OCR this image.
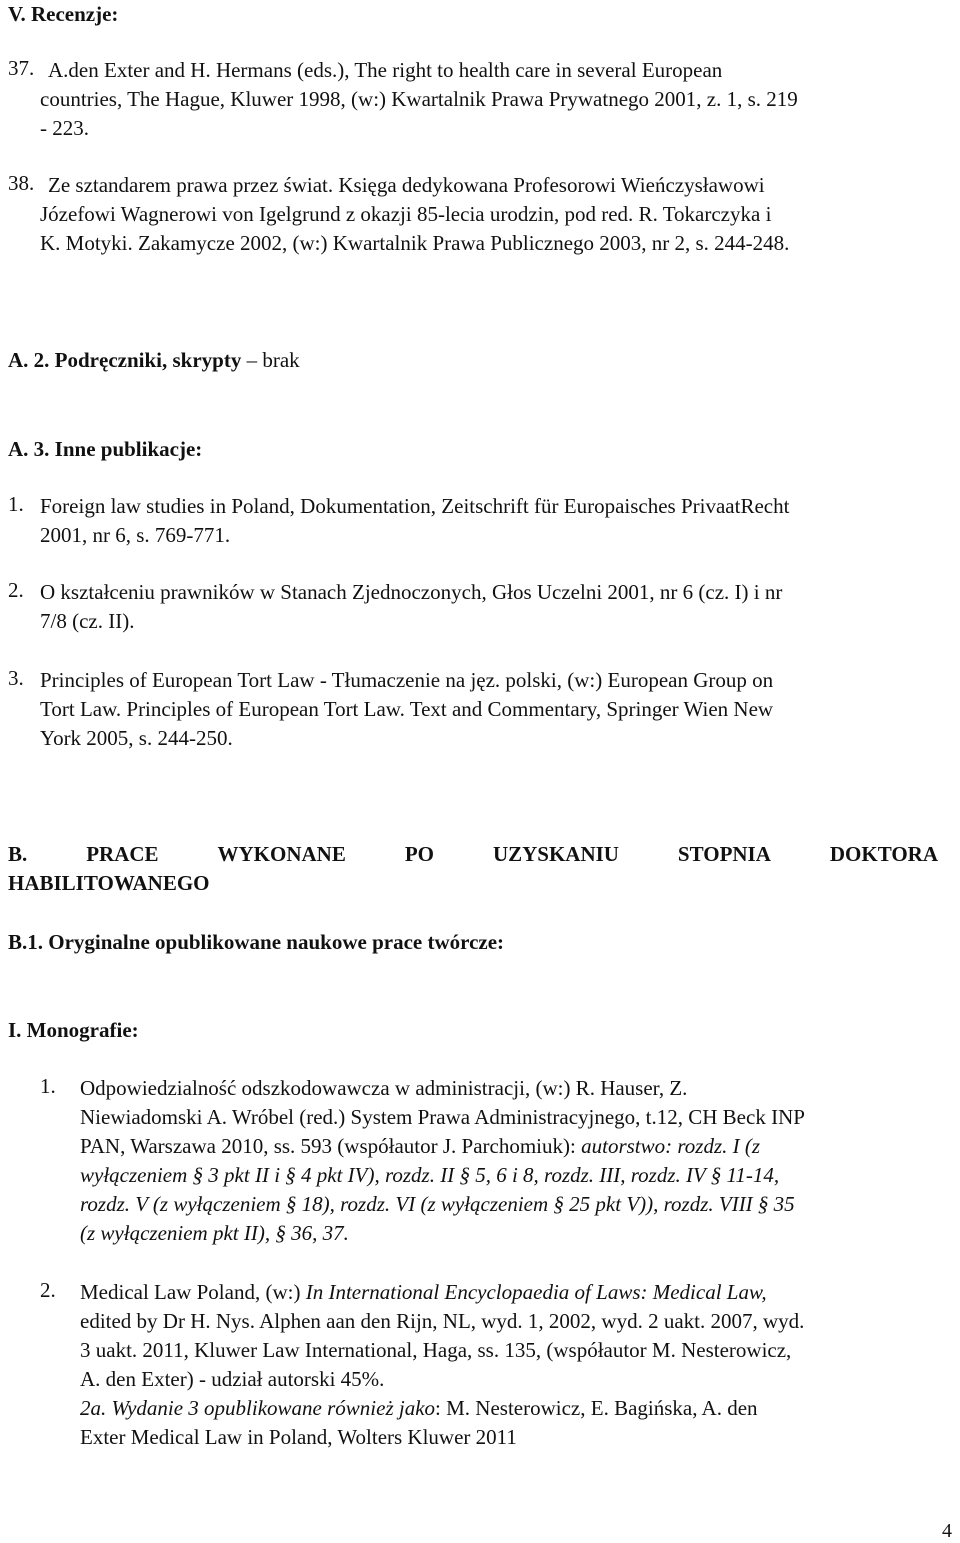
V. Recenzje:
37. A.den Exter and H. Hermans (eds.), The right to health care in several European
countries, The Hague, Kluwer 1998, (w:) Kwartalnik Prawa Prywatnego 2001, z. 1, s. 219
- 223.
38. Ze sztandarem prawa przez świat. Księga dedykowana Profesorowi Wieńczysławowi
Józefowi Wagnerowi von Igelgrund z okazji 85-lecia urodzin, pod red. R. Tokarczyka i
K. Motyki. Zakamycze 2002, (w:) Kwartalnik Prawa Publicznego 2003, nr 2, s. 244-248.
A. 2. Podręczniki, skrypty – brak
A. 3. Inne publikacje:
1. Foreign law studies in Poland, Dokumentation, Zeitschrift für Europaisches PrivaatRecht
2001, nr 6, s. 769-771.
2. O kształceniu prawników w Stanach Zjednoczonych, Głos Uczelni 2001, nr 6 (cz. I) i nr
7/8 (cz. II).
3. Principles of European Tort Law - Tłumaczenie na jęz. polski, (w:) European Group on
Tort Law. Principles of European Tort Law. Text and Commentary, Springer Wien New
York 2005, s. 244-250.
B.	PRACE	WYKONANE	PO	UZYSKANIU	STOPNIA	DOKTORA
HABILITOWANEGO
B.1. Oryginalne opublikowane naukowe prace twórcze:
I. Monografie:
1. Odpowiedzialność odszkodowawcza w administracji, (w:) R. Hauser, Z.
Niewiadomski A. Wróbel (red.) System Prawa Administracyjnego, t.12, CH Beck INP
PAN, Warszawa 2010, ss. 593 (współautor J. Parchomiuk): autorstwo: rozdz. I (z
wyłączeniem § 3 pkt II i § 4 pkt IV), rozdz. II § 5, 6 i 8, rozdz. III, rozdz. IV § 11-14,
rozdz. V (z wyłączeniem § 18), rozdz. VI (z wyłączeniem § 25 pkt V)), rozdz. VIII § 35
(z wyłączeniem pkt II), § 36, 37.
2. Medical Law Poland, (w:) In International Encyclopaedia of Laws: Medical Law,
edited by Dr H. Nys. Alphen aan den Rijn, NL, wyd. 1, 2002, wyd. 2 uakt. 2007, wyd.
3 uakt. 2011, Kluwer Law International, Haga, ss. 135, (współautor M. Nesterowicz,
A. den Exter) - udział autorski 45%.
2a. Wydanie 3 opublikowane również jako: M. Nesterowicz, E. Bagińska, A. den
Exter Medical Law in Poland, Wolters Kluwer 2011
4
